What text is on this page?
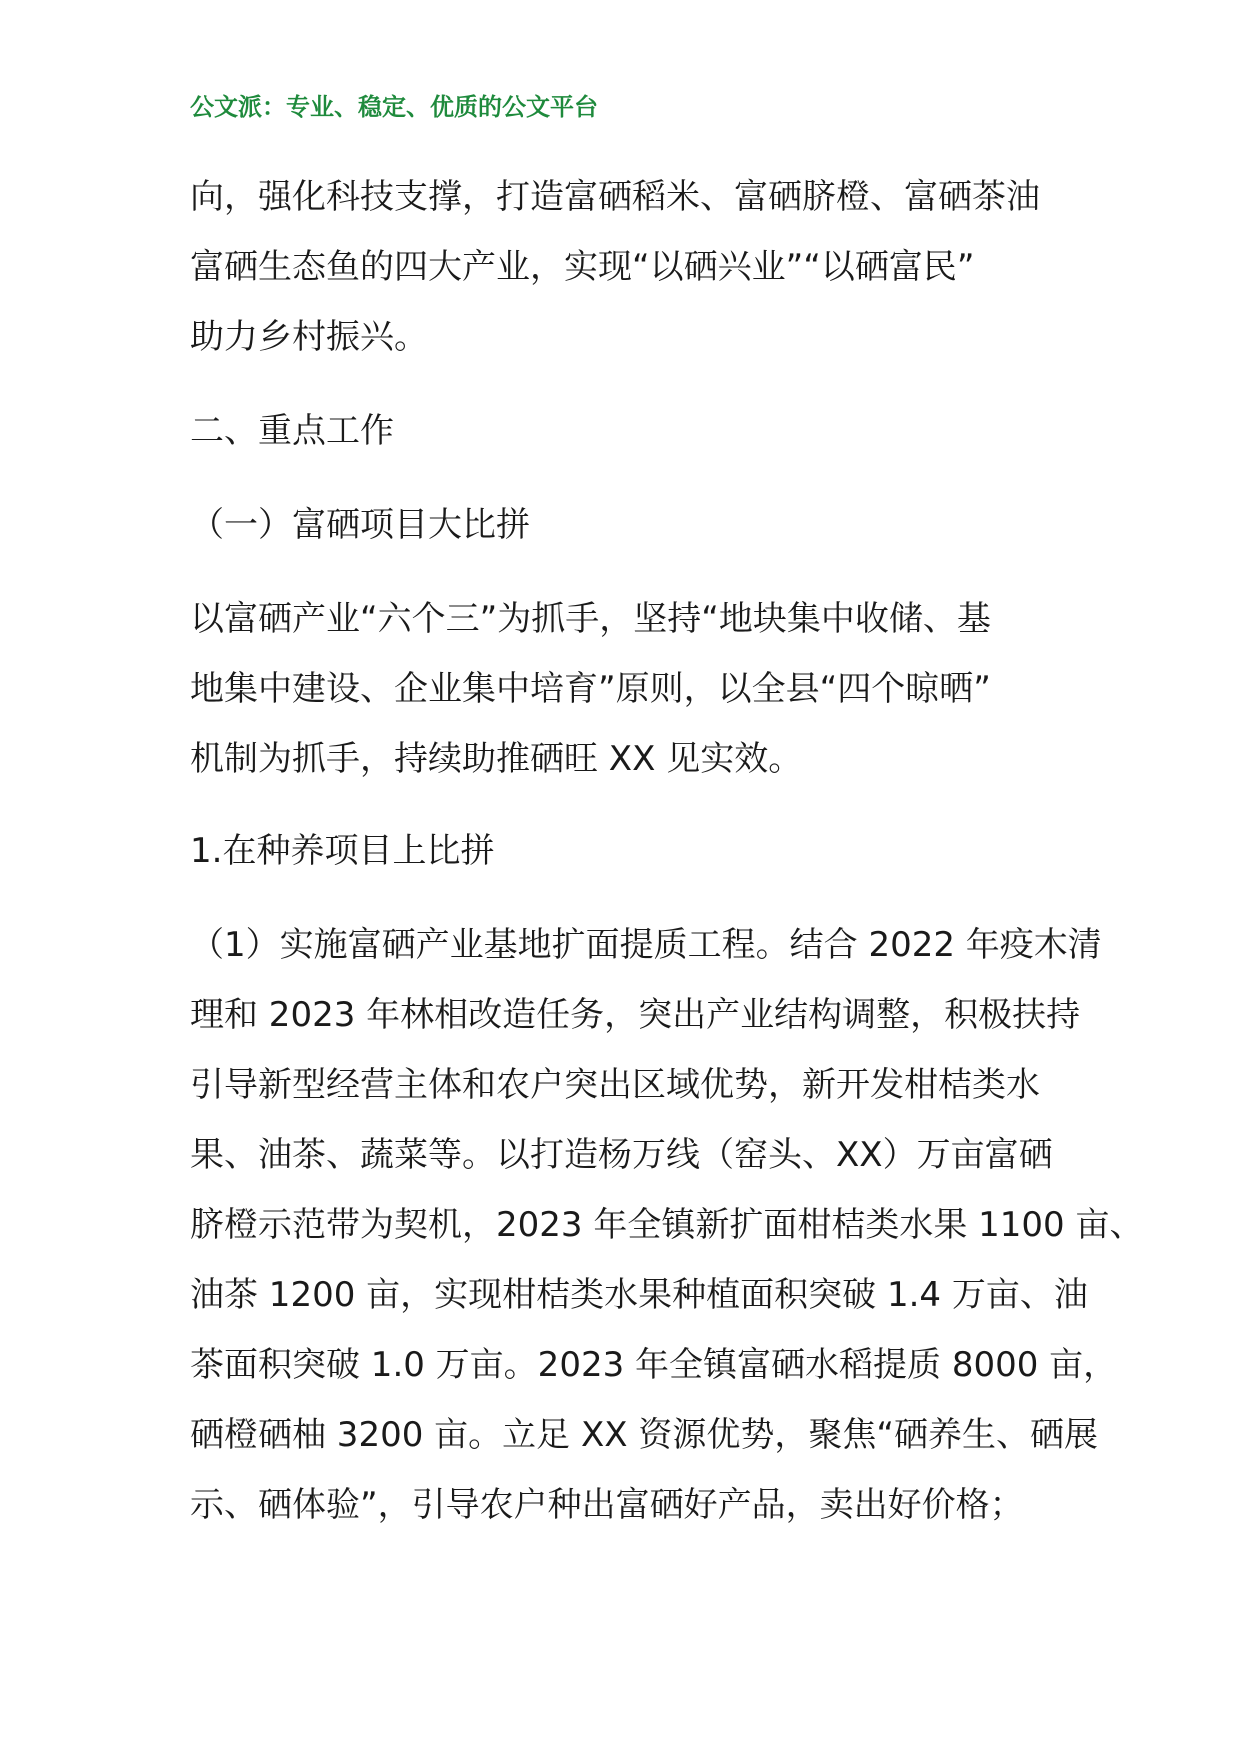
公文派：专业、稳定、优质的公文平台
向，强化科技支撑，打造富硒稻米、富硒脐橙、富硒茶油
富硒生态鱼的四大产业，实现“以硒兴业”“以硒富民”
助力乡村振兴。
二、重点工作
（一）富硒项目大比拼
以富硒产业“六个三”为抓手，坚持“地块集中收储、基
地集中建设、企业集中培育”原则，以全县“四个晾晒”
机制为抓手，持续助推硒旺 XX 见实效。
1.在种养项目上比拼
（1）实施富硒产业基地扩面提质工程。结合 2022 年疫木清
理和 2023 年林相改造任务，突出产业结构调整，积极扶持
引导新型经营主体和农户突出区域优势，新开发柑桔类水
果、油茶、蔬菜等。以打造杨万线（窑头、XX）万亩富硒
脐橙示范带为契机，2023 年全镇新扩面柑桔类水果 1100 亩、
油茶 1200 亩，实现柑桔类水果种植面积突破 1.4 万亩、油
茶面积突破 1.0 万亩。2023 年全镇富硒水稻提质 8000 亩，
硒橙硒柚 3200 亩。立足 XX 资源优势，聚焦“硒养生、硒展
示、硒体验”，引导农户种出富硒好产品，卖出好价格；
